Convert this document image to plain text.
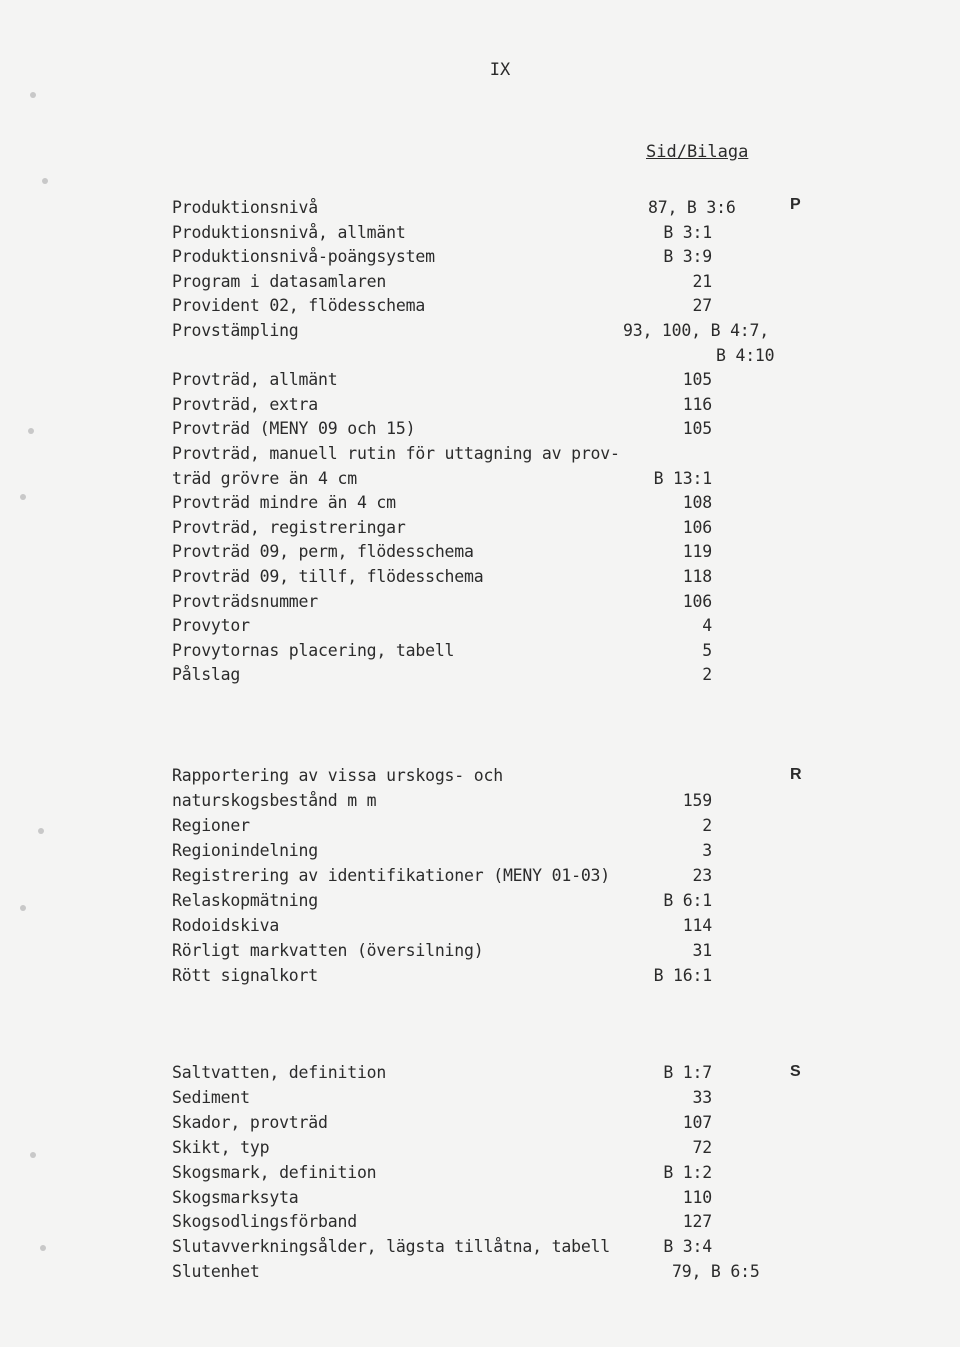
IX
Sid/Bilaga
P
Produktionsnivå	87, B 3:6
Produktionsnivå, allmänt	B 3:1
Produktionsnivå-poängsystem	B 3:9
Program i datasamlaren	21
Provident 02, flödesschema	27
Provstämpling	93, 100, B 4:7,
B 4:10
Provträd, allmänt	105
Provträd, extra	116
Provträd (MENY 09 och 15)	105
Provträd, manuell rutin för uttagning av prov-
träd grövre än 4 cm	B 13:1
Provträd mindre än 4 cm	108
Provträd, registreringar	106
Provträd 09, perm, flödesschema	119
Provträd 09, tillf, flödesschema	118
Provträdsnummer	106
Provytor	4
Provytornas placering, tabell	5
Pålslag	2
R
Rapportering av vissa urskogs- och
naturskogsbestånd m m	159
Regioner	2
Regionindelning	3
Registrering av identifikationer (MENY 01-03)	23
Relaskopmätning	B 6:1
Rodoidskiva	114
Rörligt markvatten (översilning)	31
Rött signalkort	B 16:1
S
Saltvatten, definition	B 1:7
Sediment	33
Skador, provträd	107
Skikt, typ	72
Skogsmark, definition	B 1:2
Skogsmarksyta	110
Skogsodlingsförband	127
Slutavverkningsålder, lägsta tillåtna, tabell	B 3:4
Slutenhet	79, B 6:5
